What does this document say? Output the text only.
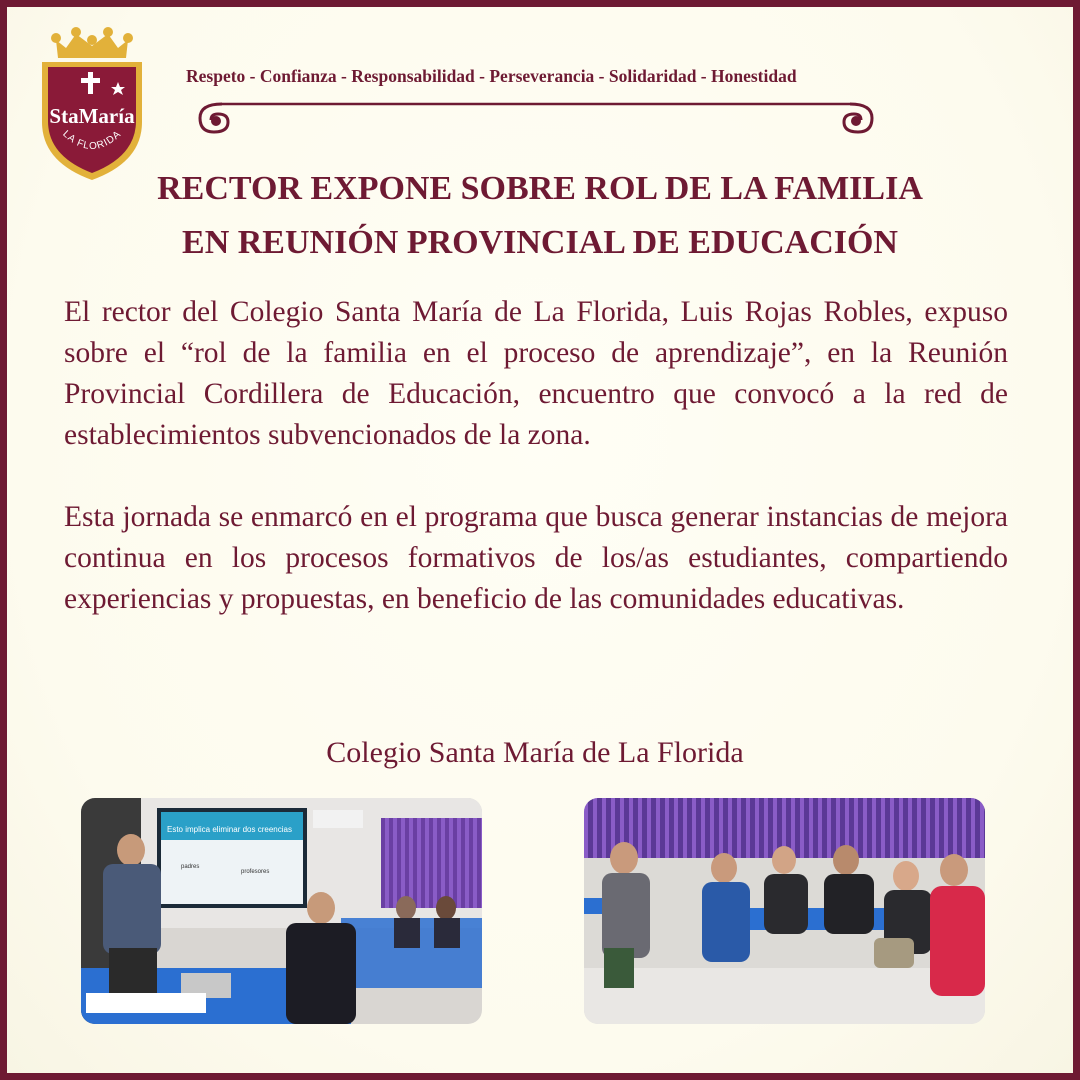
StaMaría
LA FLORIDA
Respeto - Confianza - Responsabilidad - Perseverancia - Solidaridad - Honestidad
RECTOR EXPONE SOBRE ROL DE LA FAMILIA
EN REUNIÓN PROVINCIAL DE EDUCACIÓN

El rector del Colegio Santa María de La Florida, Luis Rojas Robles, expuso sobre el “rol de la familia en el proceso de aprendizaje”, en la Reunión Provincial Cordillera de Educación, encuentro que convocó a la red de establecimientos subvencionados de la zona.

Esta jornada se enmarcó en el programa que busca generar instancias de mejora continua en los procesos formativos de los/as estudiantes, compartiendo experiencias y propuestas, en beneficio de las comunidades educativas.

Colegio Santa María de La Florida
Esto implica eliminar dos creencias
padres
profesores
